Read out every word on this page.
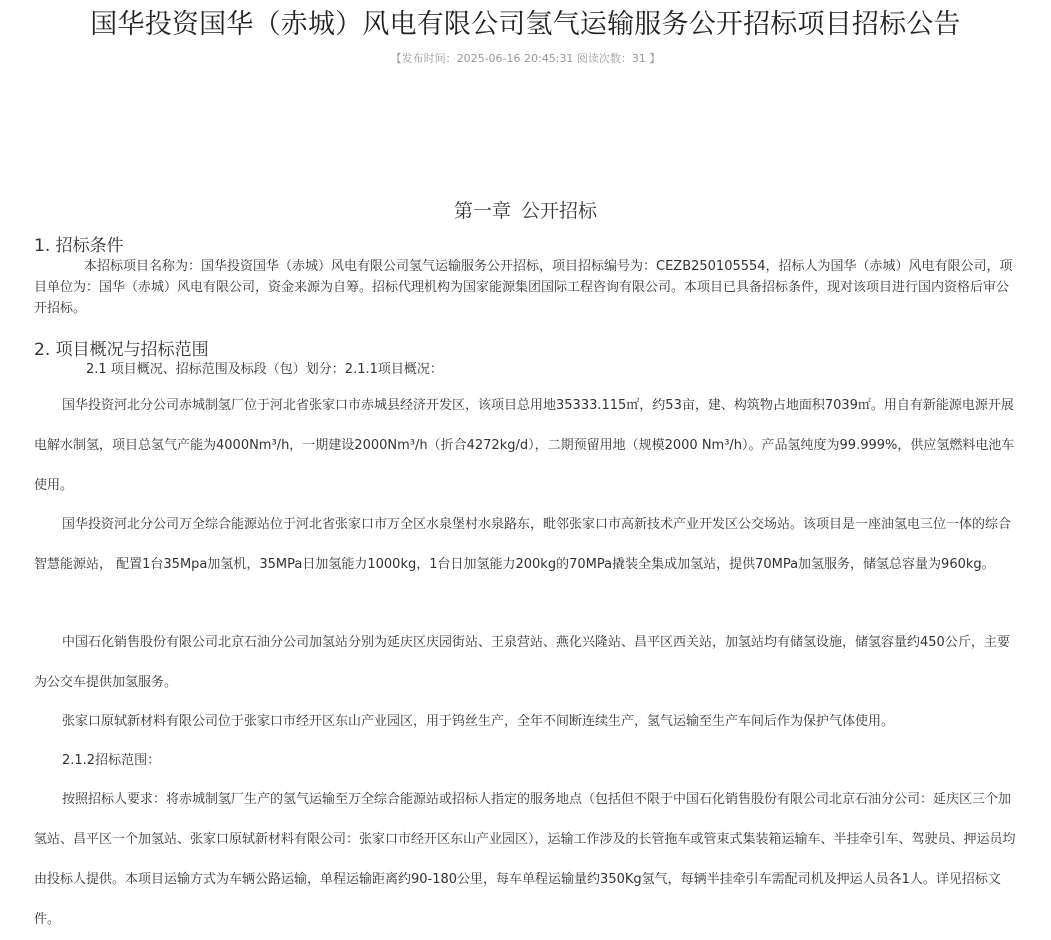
国华投资国华（赤城）风电有限公司氢气运输服务公开招标项目招标公告
【发布时间：2025-06-16 20:45:31 阅读次数：31 】
第一章 公开招标
1. 招标条件

本招标项目名称为：国华投资国华（赤城）风电有限公司氢气运输服务公开招标，项目招标编号为：CEZB250105554，招标人为国华（赤城）风电有限公司，项目单位为：国华（赤城）风电有限公司，资金来源为自筹。招标代理机构为国家能源集团国际工程咨询有限公司。本项目已具备招标条件，现对该项目进行国内资格后审公开招标。

2. 项目概况与招标范围

2.1 项目概况、招标范围及标段（包）划分：2.1.1项目概况：

国华投资河北分公司赤城制氢厂位于河北省张家口市赤城县经济开发区，该项目总用地35333.115㎡，约53亩，建、构筑物占地面积7039㎡。用自有新能源电源开展电解水制氢，项目总氢气产能为4000Nm³/h，一期建设2000Nm³/h（折合4272kg/d），二期预留用地（规模2000 Nm³/h）。产品氢纯度为99.999%，供应氢燃料电池车使用。

国华投资河北分公司万全综合能源站位于河北省张家口市万全区水泉堡村水泉路东，毗邻张家口市高新技术产业开发区公交场站。该项目是一座油氢电三位一体的综合智慧能源站， 配置1台35Mpa加氢机，35MPa日加氢能力1000kg，1台日加氢能力200kg的70MPa撬装全集成加氢站，提供70MPa加氢服务，储氢总容量为960kg。

中国石化销售股份有限公司北京石油分公司加氢站分别为延庆区庆园街站、王泉营站、燕化兴隆站、昌平区西关站，加氢站均有储氢设施，储氢容量约450公斤，主要为公交车提供加氢服务。

张家口原轼新材料有限公司位于张家口市经开区东山产业园区，用于钨丝生产，全年不间断连续生产，氢气运输至生产车间后作为保护气体使用。

2.1.2招标范围：

按照招标人要求：将赤城制氢厂生产的氢气运输至万全综合能源站或招标人指定的服务地点（包括但不限于中国石化销售股份有限公司北京石油分公司：延庆区三个加氢站、昌平区一个加氢站、张家口原轼新材料有限公司：张家口市经开区东山产业园区），运输工作涉及的长管拖车或管束式集装箱运输车、半挂牵引车、驾驶员、押运员均由投标人提供。本项目运输方式为车辆公路运输，单程运输距离约90-180公里，每车单程运输量约350Kg氢气，每辆半挂牵引车需配司机及押运人员各1人。详见招标文件。
